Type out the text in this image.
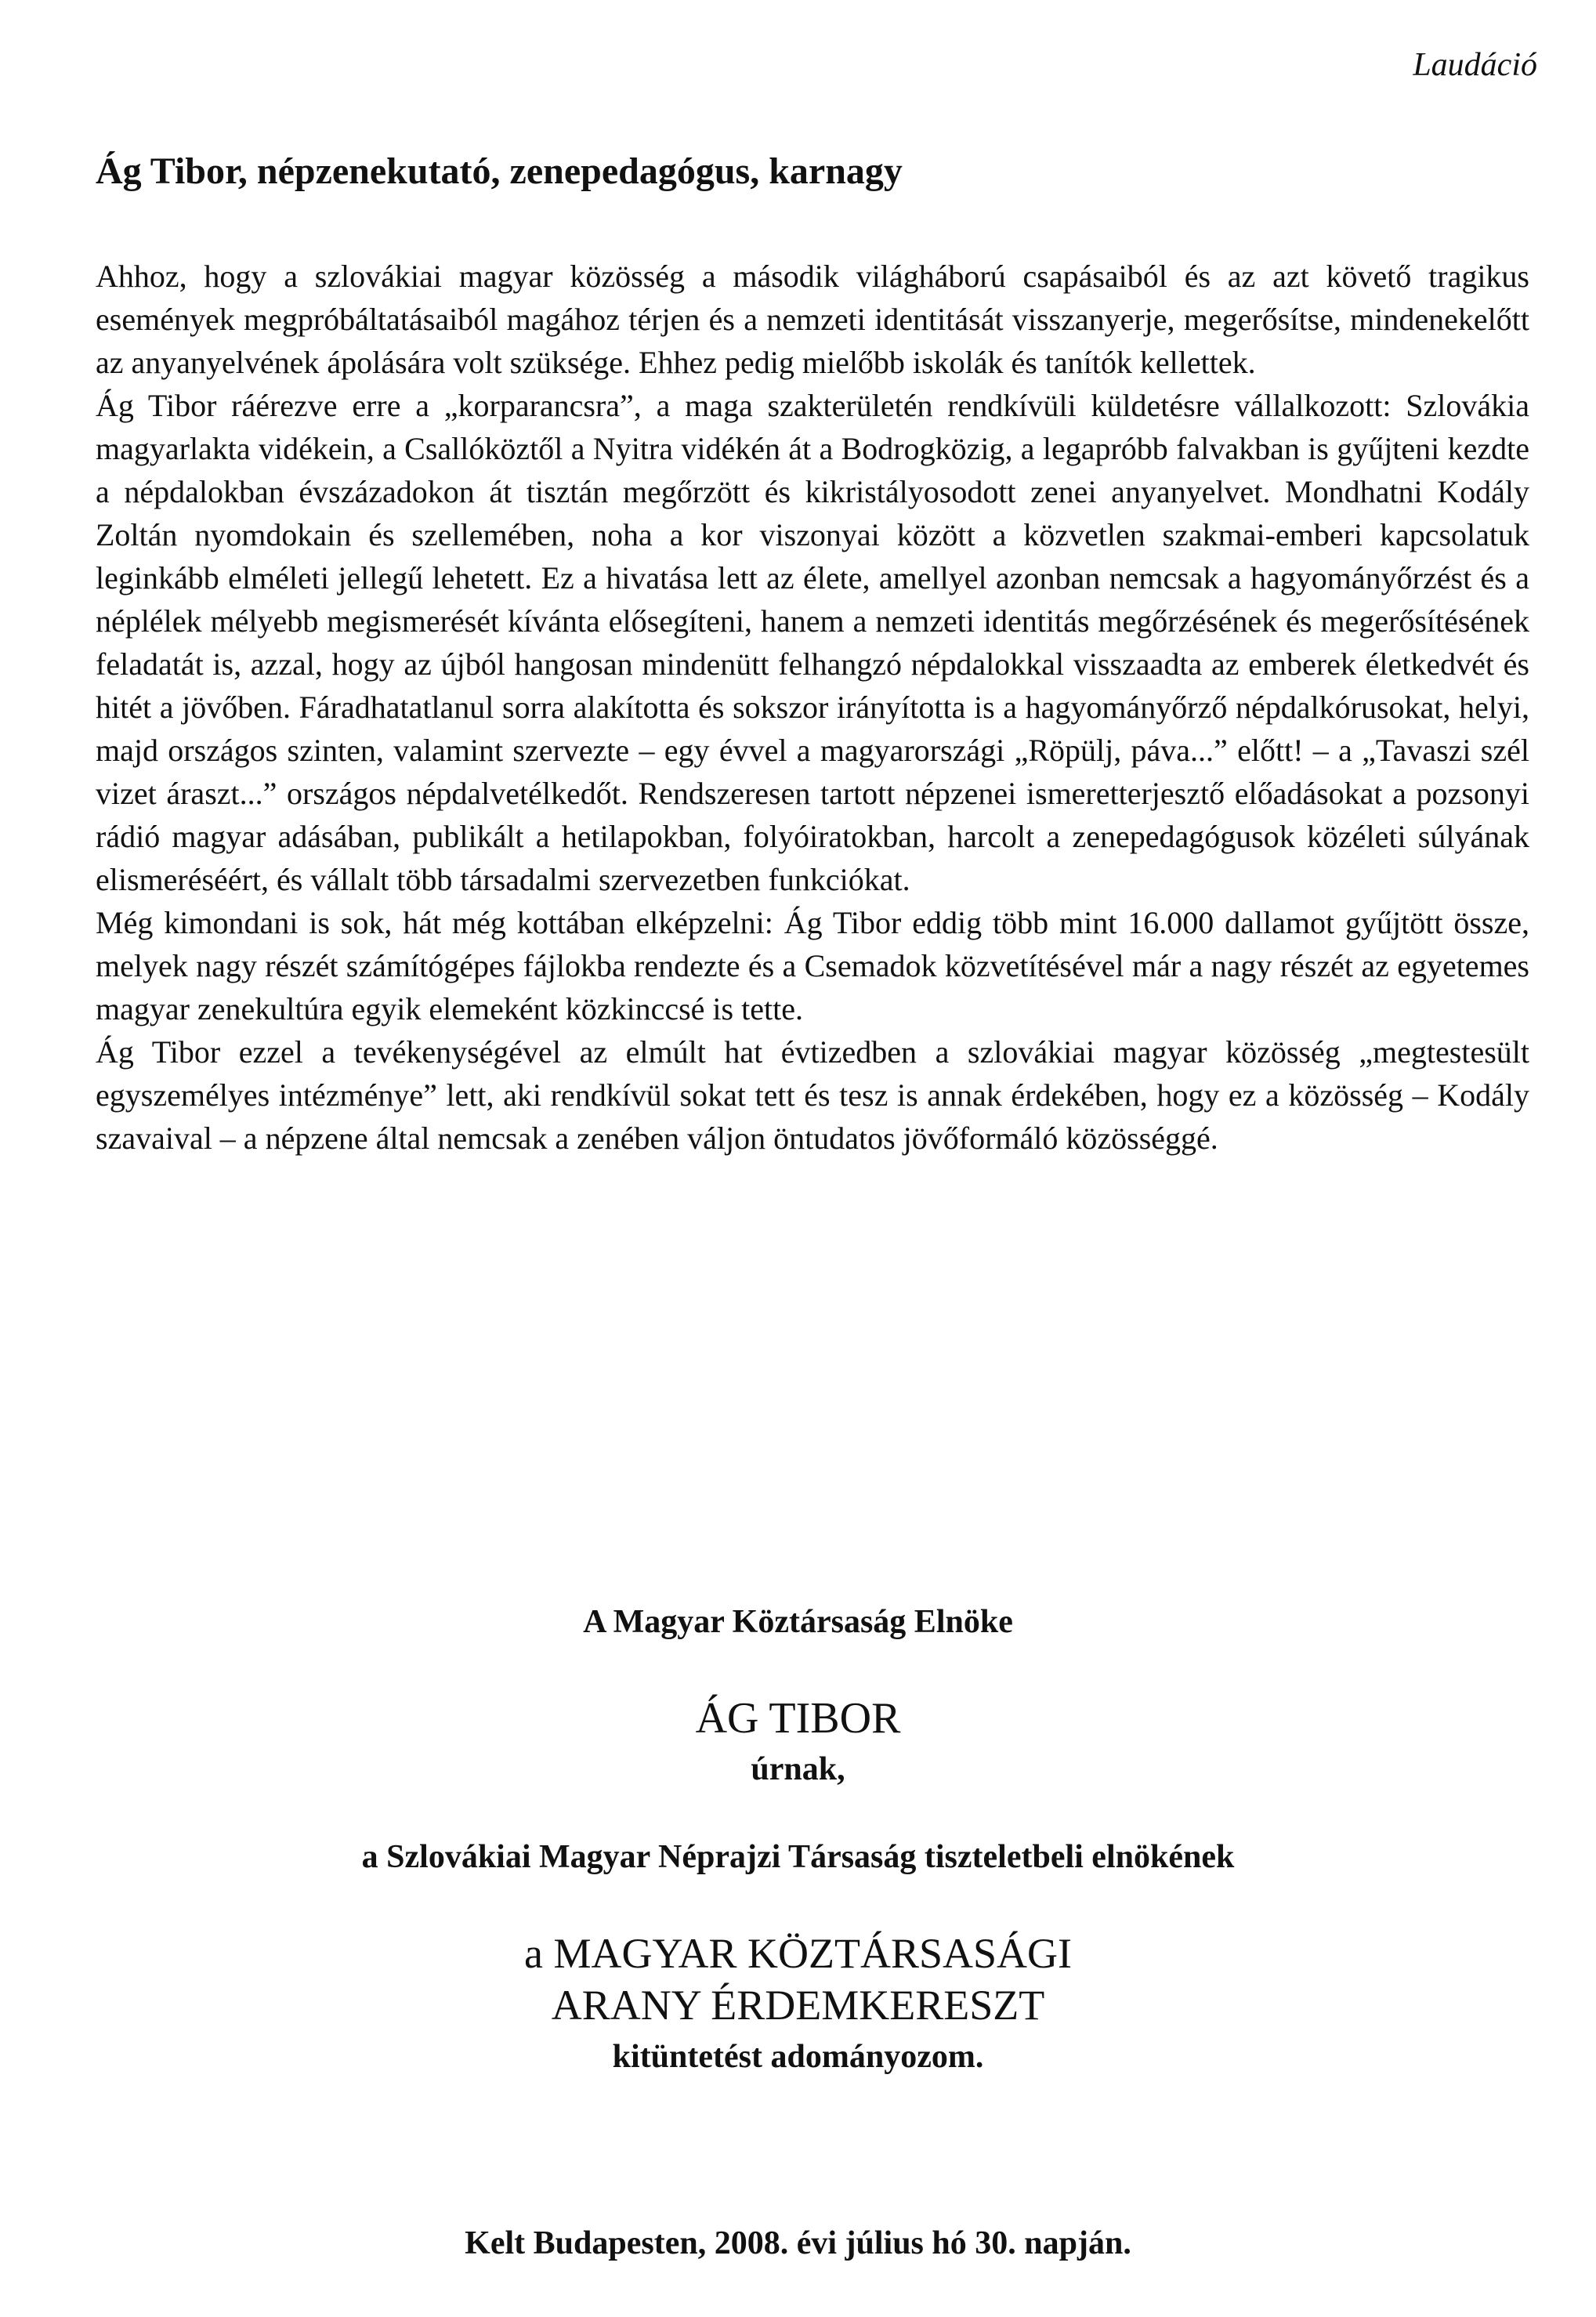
Laudáció
Ág Tibor, népzenekutató, zenepedagógus, karnagy

Ahhoz, hogy a szlovákiai magyar közösség a második világháború csapásaiból és az azt követő tragikus események megpróbáltatásaiból magához térjen és a nemzeti identitását visszanyerje, megerősítse, mindenekelőtt az anyanyelvének ápolására volt szüksége. Ehhez pedig mielőbb iskolák és tanítók kellettek.

Ág Tibor ráérezve erre a „korparancsra”, a maga szakterületén rendkívüli küldetésre vállalkozott: Szlovákia magyarlakta vidékein, a Csallóköztől a Nyitra vidékén át a Bodrogközig, a legapróbb falvakban is gyűjteni kezdte a népdalokban évszázadokon át tisztán megőrzött és kikristályosodott zenei anyanyelvet. Mondhatni Kodály Zoltán nyomdokain és szellemében, noha a kor viszonyai között a közvetlen szakmai-emberi kapcsolatuk leginkább elméleti jellegű lehetett. Ez a hivatása lett az élete, amellyel azonban nemcsak a hagyományőrzést és a néplélek mélyebb megismerését kívánta elősegíteni, hanem a nemzeti identitás megőrzésének és megerősítésének feladatát is, azzal, hogy az újból hangosan mindenütt felhangzó népdalokkal visszaadta az emberek életkedvét és hitét a jövőben. Fáradhatatlanul sorra alakította és sokszor irányította is a hagyományőrző népdalkórusokat, helyi, majd országos szinten, valamint szervezte – egy évvel a magyarországi „Röpülj, páva...” előtt! – a „Tavaszi szél vizet áraszt...” országos népdalvetélkedőt. Rendszeresen tartott népzenei ismeretterjesztő előadásokat a pozsonyi rádió magyar adásában, publikált a hetilapokban, folyóiratokban, harcolt a zenepedagógusok közéleti súlyának elismeréséért, és vállalt több társadalmi szervezetben funkciókat.

Még kimondani is sok, hát még kottában elképzelni: Ág Tibor eddig több mint 16.000 dallamot gyűjtött össze, melyek nagy részét számítógépes fájlokba rendezte és a Csemadok közvetítésével már a nagy részét az egyetemes magyar zenekultúra egyik elemeként közkinccsé is tette.

Ág Tibor ezzel a tevékenységével az elmúlt hat évtizedben a szlovákiai magyar közösség „megtestesült egyszemélyes intézménye” lett, aki rendkívül sokat tett és tesz is annak érdekében, hogy ez a közösség – Kodály szavaival – a népzene által nemcsak a zenében váljon öntudatos jövőformáló közösséggé.

A Magyar Köztársaság Elnöke
ÁG TIBOR
úrnak,
a Szlovákiai Magyar Néprajzi Társaság tiszteletbeli elnökének
a MAGYAR KÖZTÁRSASÁGI
ARANY ÉRDEMKERESZT
kitüntetést adományozom.
Kelt Budapesten, 2008. évi július hó 30. napján.
